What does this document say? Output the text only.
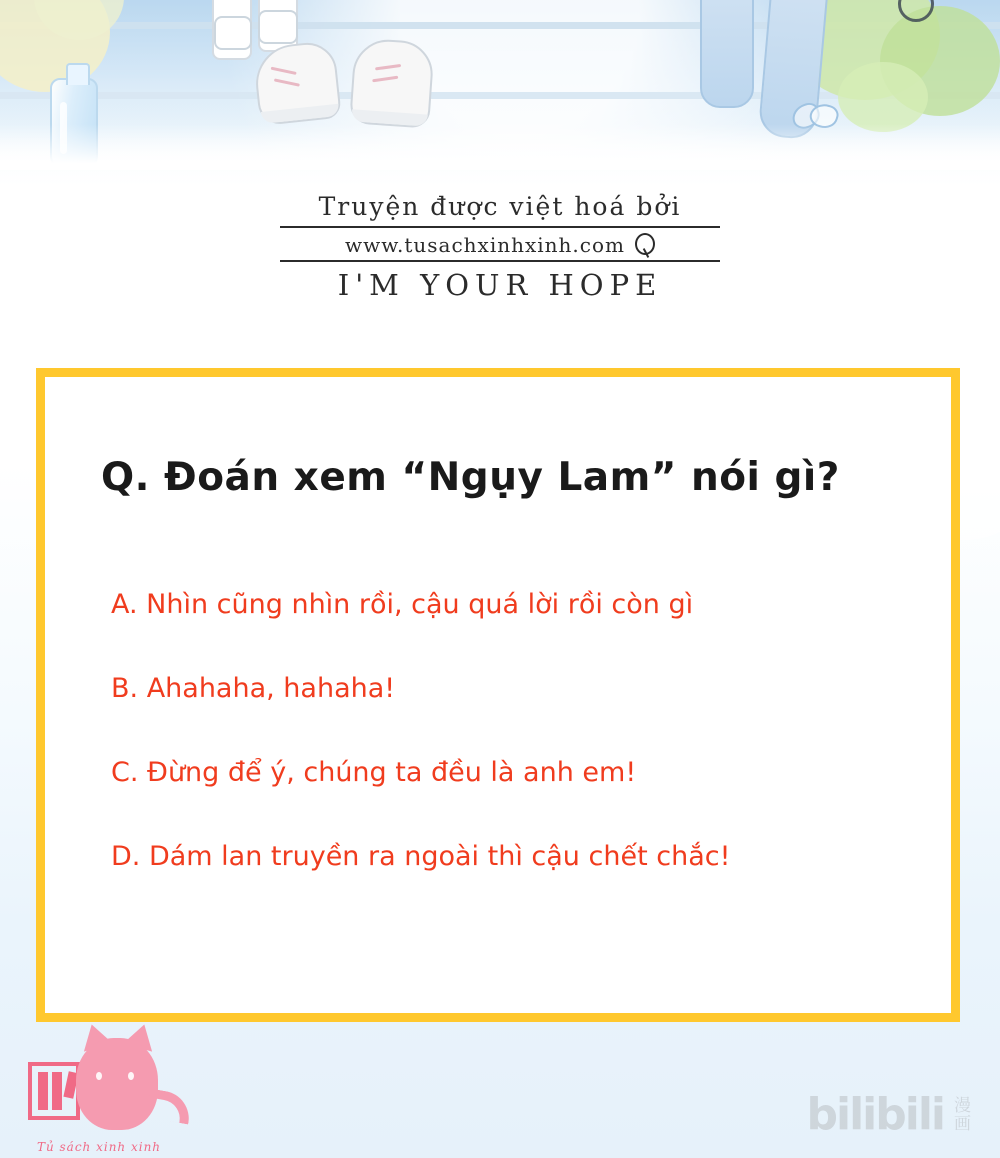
Truyện được việt hoá bởi
www.tusachxinhxinh.com
I'M YOUR HOPE
Q. Đoán xem “Ngụy Lam” nói gì?
A. Nhìn cũng nhìn rồi, cậu quá lời rồi còn gì
B. Ahahaha, hahaha!
C. Đừng để ý, chúng ta đều là anh em!
D. Dám lan truyền ra ngoài thì cậu chết chắc!
Tủ sách xinh xinh
bilibili 漫画
